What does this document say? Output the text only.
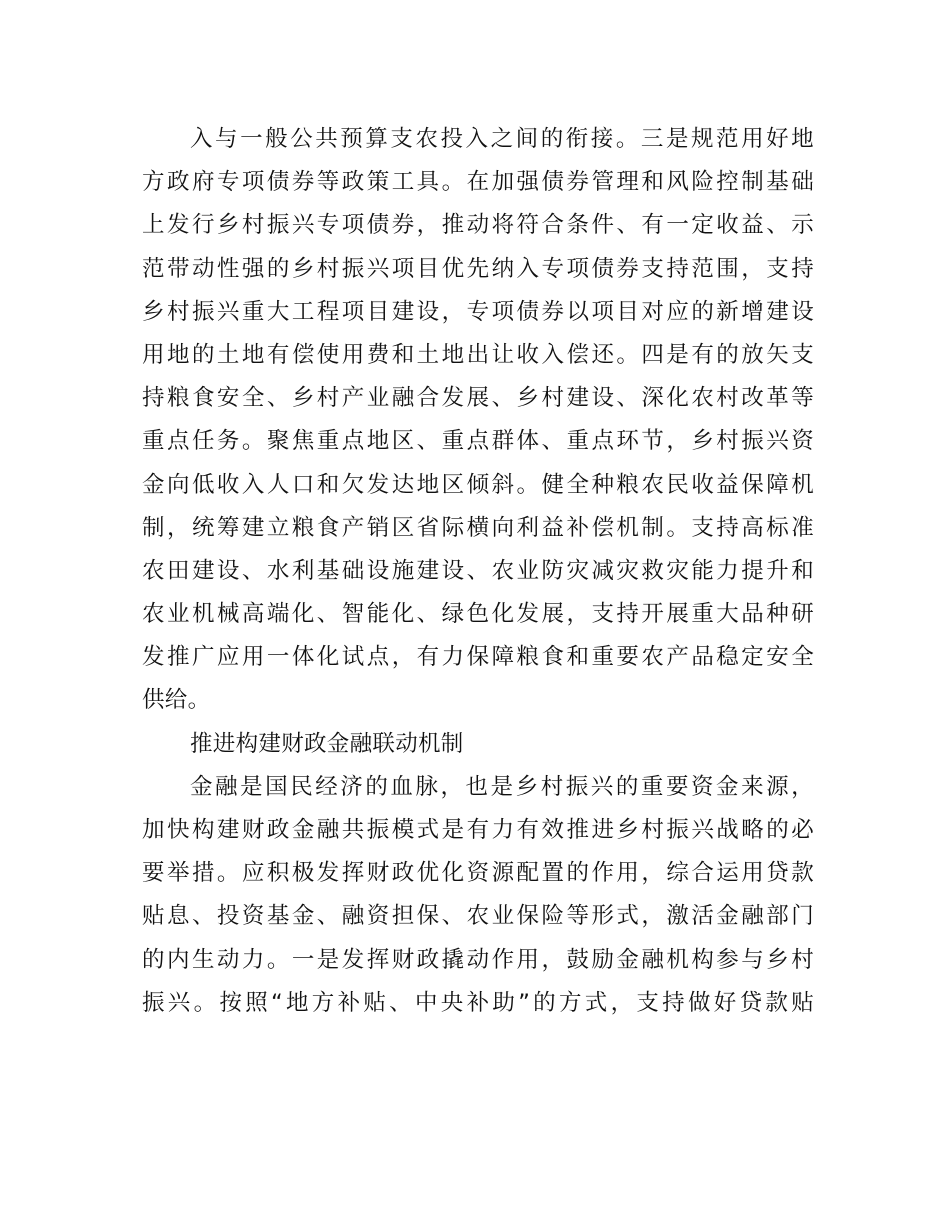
入与一般公共预算支农投入之间的衔接。三是规范用好地
方政府专项债券等政策工具。在加强债券管理和风险控制基础
上发行乡村振兴专项债券，推动将符合条件、有一定收益、示
范带动性强的乡村振兴项目优先纳入专项债券支持范围，支持
乡村振兴重大工程项目建设，专项债券以项目对应的新增建设
用地的土地有偿使用费和土地出让收入偿还。四是有的放矢支
持粮食安全、乡村产业融合发展、乡村建设、深化农村改革等
重点任务。聚焦重点地区、重点群体、重点环节，乡村振兴资
金向低收入人口和欠发达地区倾斜。健全种粮农民收益保障机
制，统筹建立粮食产销区省际横向利益补偿机制。支持高标准
农田建设、水利基础设施建设、农业防灾减灾救灾能力提升和
农业机械高端化、智能化、绿色化发展，支持开展重大品种研
发推广应用一体化试点，有力保障粮食和重要农产品稳定安全
供给。
推进构建财政金融联动机制
金融是国民经济的血脉，也是乡村振兴的重要资金来源，
加快构建财政金融共振模式是有力有效推进乡村振兴战略的必
要举措。应积极发挥财政优化资源配置的作用，综合运用贷款
贴息、投资基金、融资担保、农业保险等形式，激活金融部门
的内生动力。一是发挥财政撬动作用，鼓励金融机构参与乡村
振兴。按照“地方补贴、中央补助”的方式，支持做好贷款贴
